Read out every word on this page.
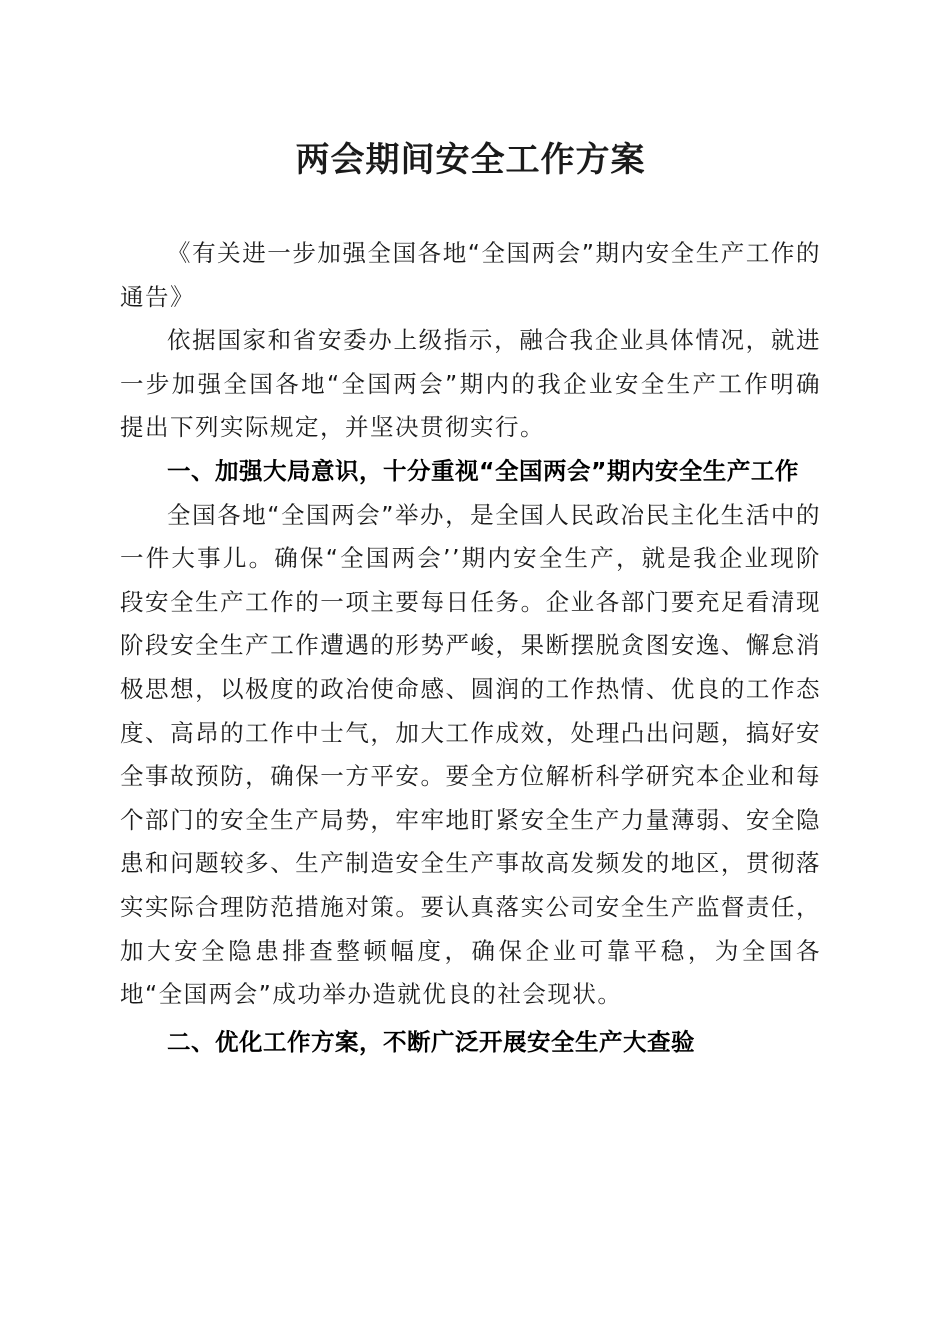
两会期间安全工作方案

《有关进一步加强全国各地“全国两会”期内安全生产工作的通告》

依据国家和省安委办上级指示，融合我企业具体情况，就进一步加强全国各地“全国两会”期内的我企业安全生产工作明确提出下列实际规定，并坚决贯彻实行。

一、加强大局意识，十分重视“全国两会”期内安全生产工作

全国各地“全国两会”举办，是全国人民政冶民主化生活中的一件大事儿。确保“全国两会’’期内安全生产，就是我企业现阶段安全生产工作的一项主要每日任务。企业各部门要充足看清现阶段安全生产工作遭遇的形势严峻，果断摆脱贪图安逸、懈怠消极思想，以极度的政冶使命感、圆润的工作热情、优良的工作态度、高昂的工作中士气，加大工作成效，处理凸出问题，搞好安全事故预防，确保一方平安。要全方位解析科学研究本企业和每个部门的安全生产局势，牢牢地盯紧安全生产力量薄弱、安全隐患和问题较多、生产制造安全生产事故高发频发的地区，贯彻落实实际合理防范措施对策。要认真落实公司安全生产监督责任，加大安全隐患排查整顿幅度，确保企业可靠平稳，为全国各地“全国两会”成功举办造就优良的社会现状。

二、优化工作方案，不断广泛开展安全生产大查验
